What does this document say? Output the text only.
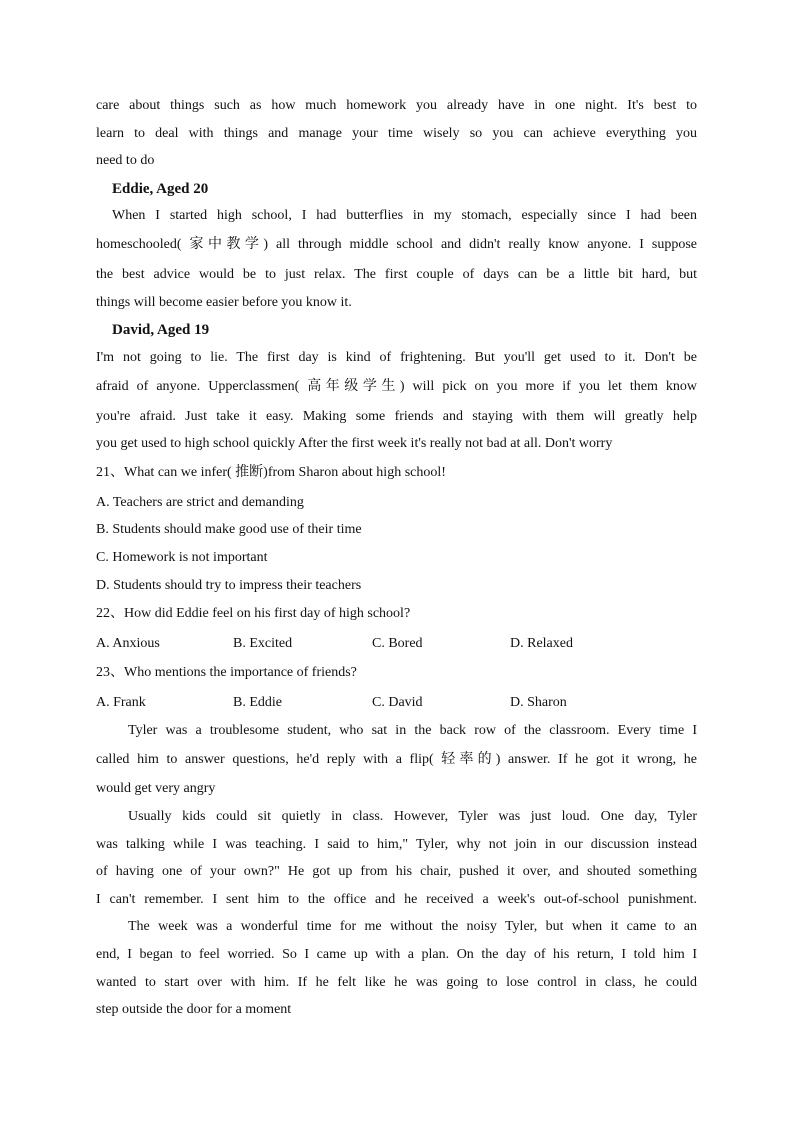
care about things such as how much homework you already have in one night. It's best to
learn to deal with things and manage your time wisely so you can achieve everything you
need to do
Eddie, Aged 20
When I started high school, I had butterflies in my stomach, especially since I had been
homeschooled( 家中教学) all through middle school and didn't really know anyone. I suppose
the best advice would be to just relax. The first couple of days can be a little bit hard, but
things will become easier before you know it.
David, Aged 19
I'm not going to lie. The first day is kind of frightening. But you'll get used to it. Don't be
afraid of anyone. Upperclassmen( 高年级学生) will pick on you more if you let them know
you're afraid. Just take it easy. Making some friends and staying with them will greatly help
you get used to high school quickly After the first week it's really not bad at all. Don't worry
21、What can we infer( 推断)from Sharon about high school!
A. Teachers are strict and demanding
B. Students should make good use of their time
C. Homework is not important
D. Students should try to impress their teachers
22、How did Eddie feel on his first day of high school?
A. Anxious	B. Excited	C. Bored	D. Relaxed
23、Who mentions the importance of friends?
A. Frank	B. Eddie	C. David	D. Sharon
Tyler was a troublesome student, who sat in the back row of the classroom. Every time I
called him to answer questions, he'd reply with a flip( 轻率的) answer. If he got it wrong, he
would get very angry
Usually kids could sit quietly in class. However, Tyler was just loud. One day, Tyler
was talking while I was teaching. I said to him," Tyler, why not join in our discussion instead
of having one of your own?" He got up from his chair, pushed it over, and shouted something
I can't remember. I sent him to the office and he received a week's out-of-school punishment.
The week was a wonderful time for me without the noisy Tyler, but when it came to an
end, I began to feel worried. So I came up with a plan. On the day of his return, I told him I
wanted to start over with him. If he felt like he was going to lose control in class, he could
step outside the door for a moment
